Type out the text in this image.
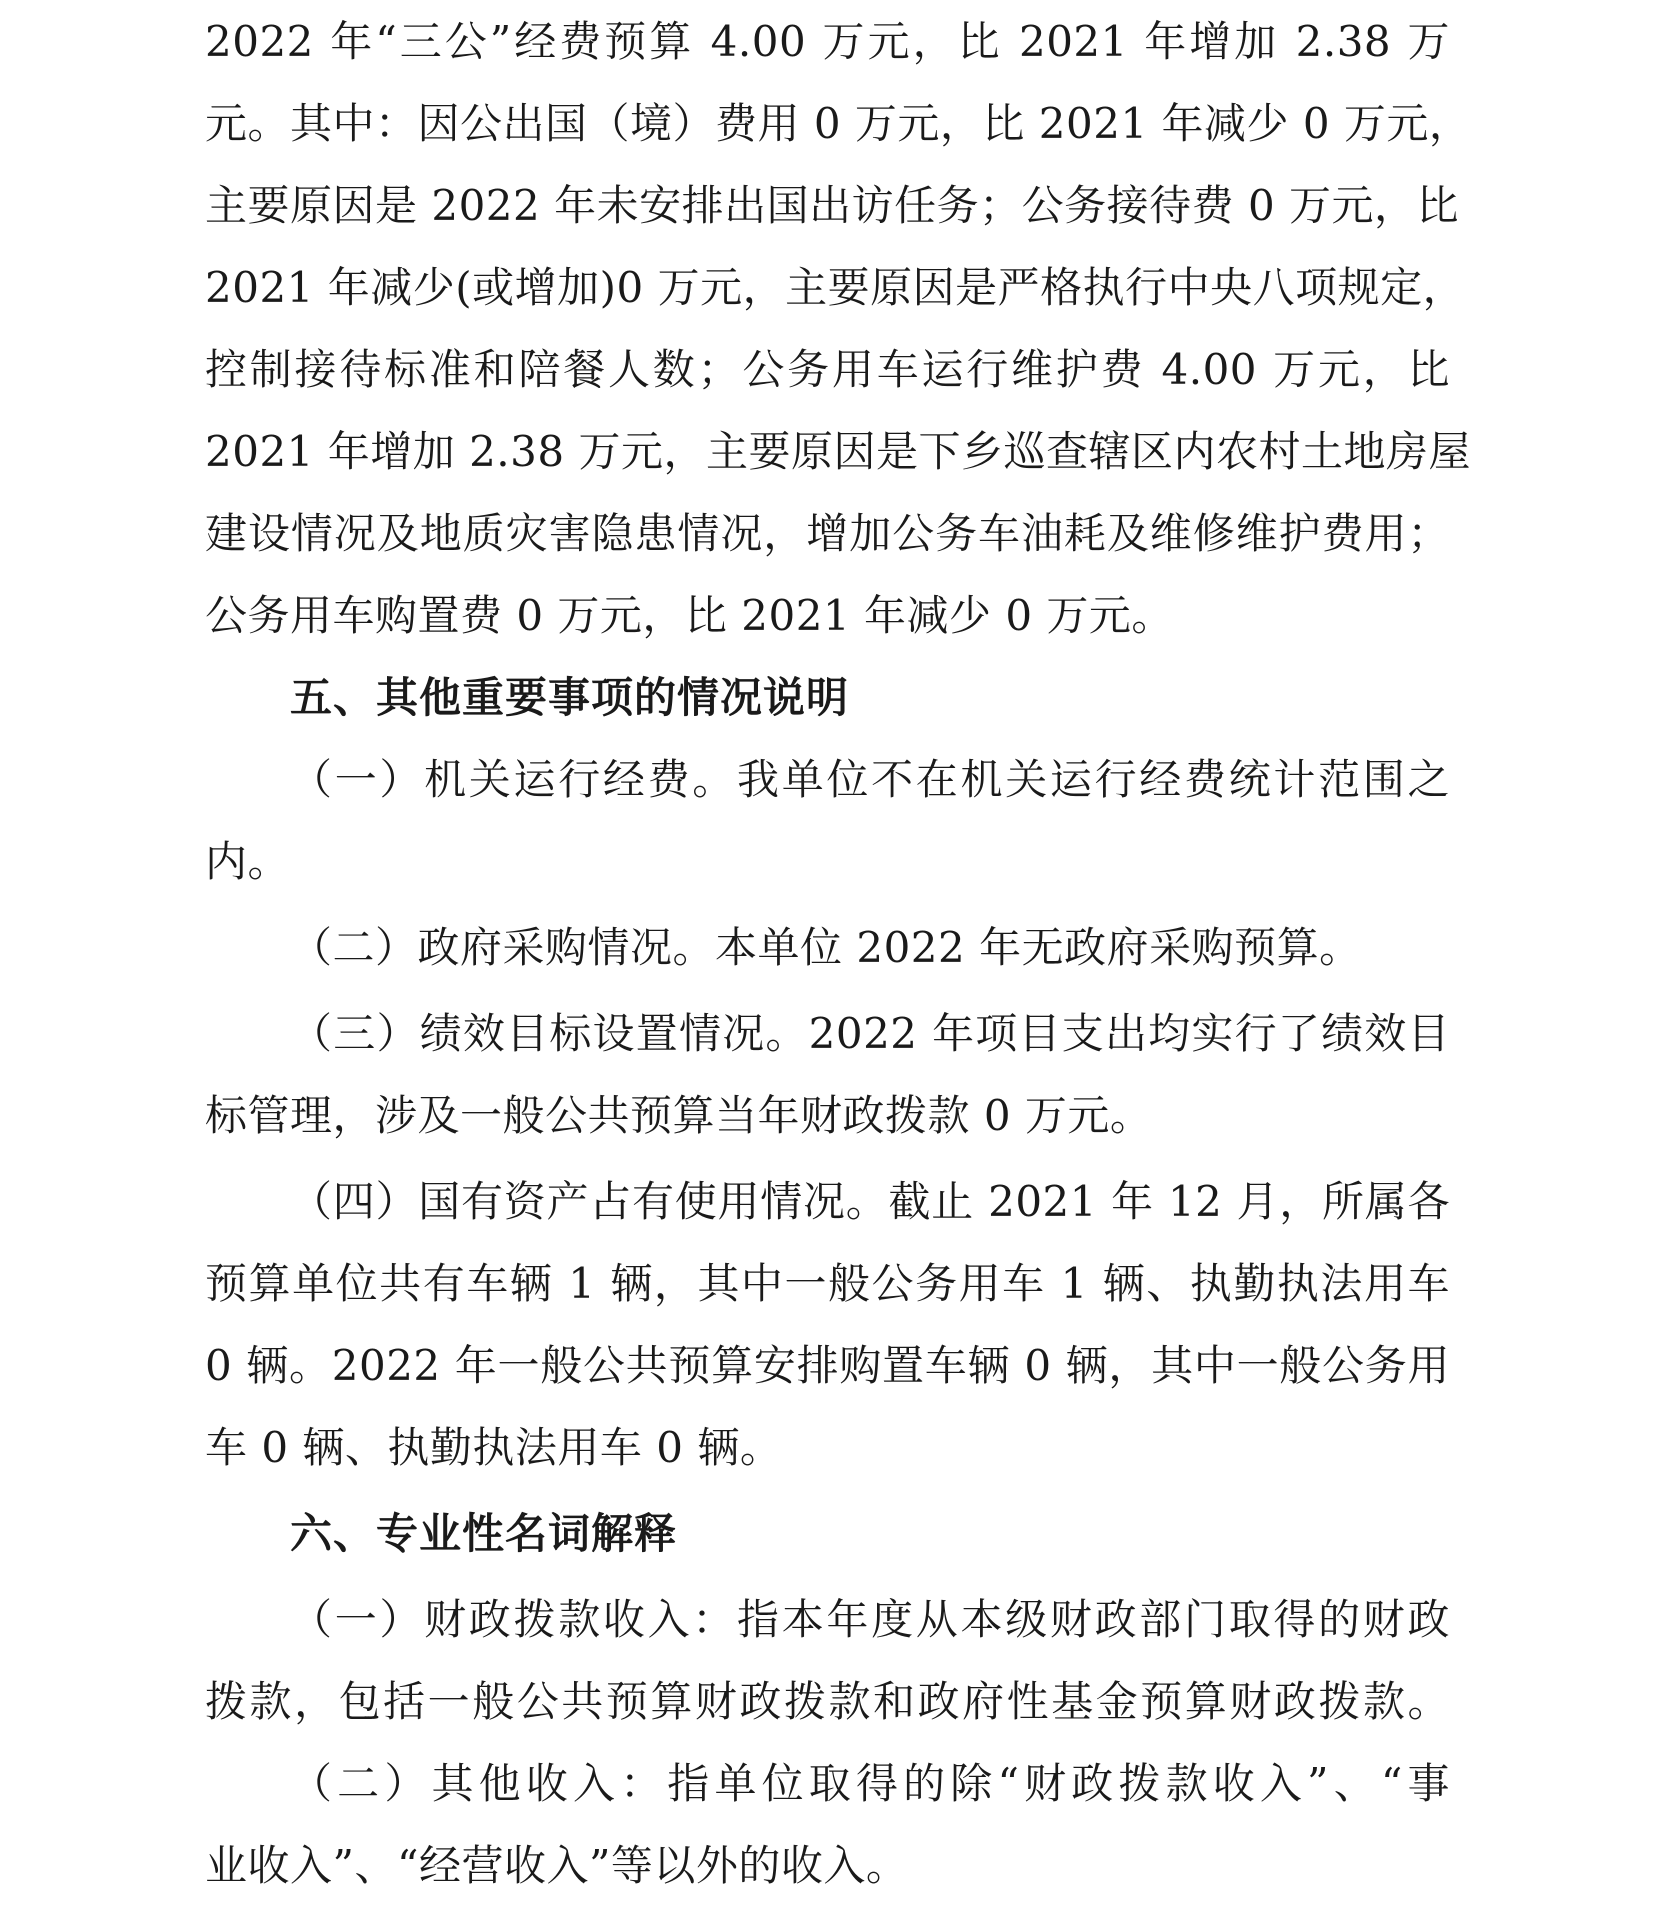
2022 年“三公”经费预算 4.00 万元，比 2021 年增加 2.38 万
元。其中：因公出国（境）费用 0 万元，比 2021 年减少 0 万元，
主要原因是 2022 年未安排出国出访任务；公务接待费 0 万元，比
2021 年减少(或增加)0 万元，主要原因是严格执行中央八项规定，
控制接待标准和陪餐人数；公务用车运行维护费 4.00 万元，比
2021 年增加 2.38 万元，主要原因是下乡巡查辖区内农村土地房屋
建设情况及地质灾害隐患情况，增加公务车油耗及维修维护费用；
公务用车购置费 0 万元，比 2021 年减少 0 万元。
五、其他重要事项的情况说明
（一）机关运行经费。我单位不在机关运行经费统计范围之
内。
（二）政府采购情况。本单位 2022 年无政府采购预算。
（三）绩效目标设置情况。2022 年项目支出均实行了绩效目
标管理，涉及一般公共预算当年财政拨款 0 万元。
（四）国有资产占有使用情况。截止 2021 年 12 月，所属各
预算单位共有车辆 1 辆，其中一般公务用车 1 辆、执勤执法用车
0 辆。2022 年一般公共预算安排购置车辆 0 辆，其中一般公务用
车 0 辆、执勤执法用车 0 辆。
六、专业性名词解释
（一）财政拨款收入：指本年度从本级财政部门取得的财政
拨款，包括一般公共预算财政拨款和政府性基金预算财政拨款。
（二）其他收入：指单位取得的除“财政拨款收入”、“事
业收入”、“经营收入”等以外的收入。
